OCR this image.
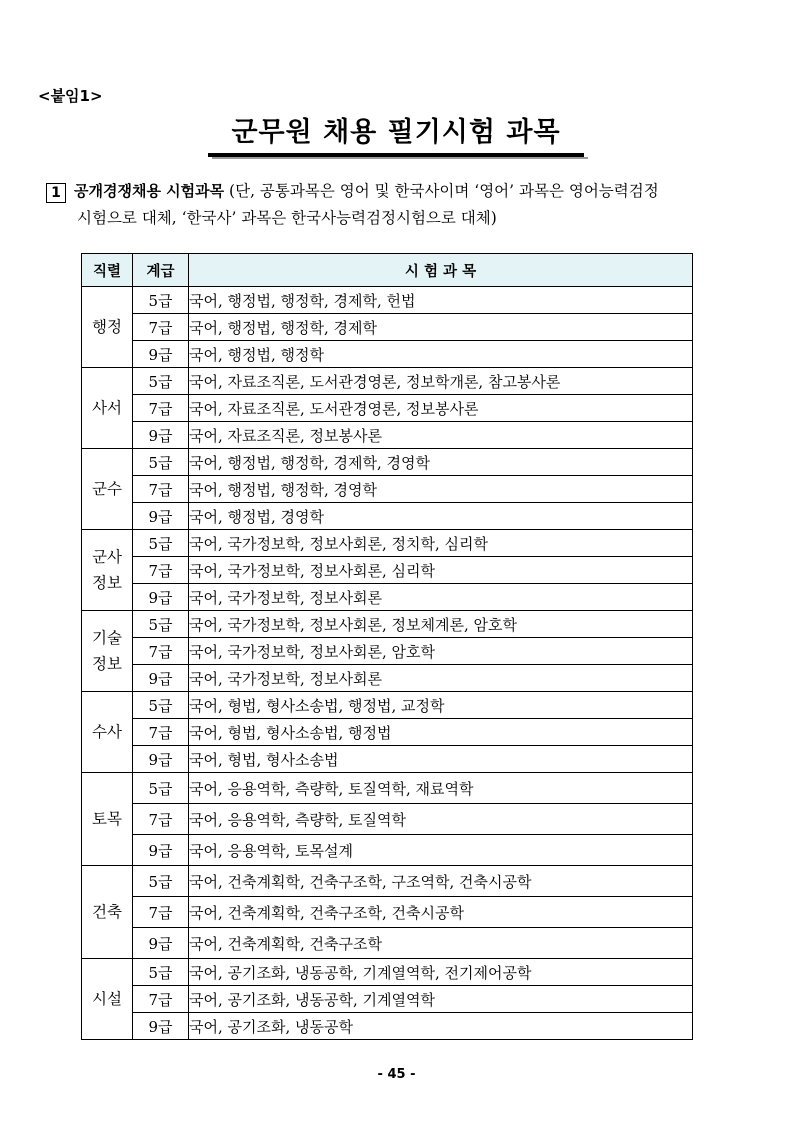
<붙임1>
군무원 채용 필기시험 과목
1 공개경쟁채용 시험과목 (단, 공통과목은 영어 및 한국사이며 ‘영어’ 과목은 영어능력검정
시험으로 대체, ‘한국사’ 과목은 한국사능력검정시험으로 대체)
직렬	계급	시 험 과 목
행정	5급	국어, 행정법, 행정학, 경제학, 헌법
	7급	국어, 행정법, 행정학, 경제학
	9급	국어, 행정법, 행정학
사서	5급	국어, 자료조직론, 도서관경영론, 정보학개론, 참고봉사론
	7급	국어, 자료조직론, 도서관경영론, 정보봉사론
	9급	국어, 자료조직론, 정보봉사론
군수	5급	국어, 행정법, 행정학, 경제학, 경영학
	7급	국어, 행정법, 행정학, 경영학
	9급	국어, 행정법, 경영학
군사
정보	5급	국어, 국가정보학, 정보사회론, 정치학, 심리학
	7급	국어, 국가정보학, 정보사회론, 심리학
	9급	국어, 국가정보학, 정보사회론
기술
정보	5급	국어, 국가정보학, 정보사회론, 정보체계론, 암호학
	7급	국어, 국가정보학, 정보사회론, 암호학
	9급	국어, 국가정보학, 정보사회론
수사	5급	국어, 형법, 형사소송법, 행정법, 교정학
	7급	국어, 형법, 형사소송법, 행정법
	9급	국어, 형법, 형사소송법
토목	5급	국어, 응용역학, 측량학, 토질역학, 재료역학
	7급	국어, 응용역학, 측량학, 토질역학
	9급	국어, 응용역학, 토목설계
건축	5급	국어, 건축계획학, 건축구조학, 구조역학, 건축시공학
	7급	국어, 건축계획학, 건축구조학, 건축시공학
	9급	국어, 건축계획학, 건축구조학
시설	5급	국어, 공기조화, 냉동공학, 기계열역학, 전기제어공학
	7급	국어, 공기조화, 냉동공학, 기계열역학
	9급	국어, 공기조화, 냉동공학
- 45 -
